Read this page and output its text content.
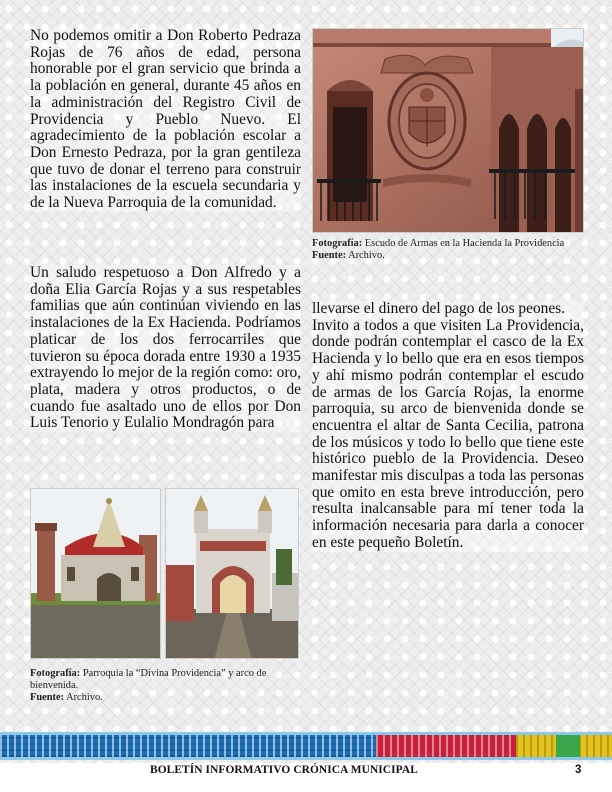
No podemos omitir a Don Roberto Pedraza Rojas de 76 años de edad, persona honorable por el gran servicio que brinda a la población en general, durante 45 años en la administración del Registro Civil de Providencia y Pueblo Nuevo. El agradecimiento de la población escolar a Don Ernesto Pedraza, por la gran gentileza que tuvo de donar el terreno para construir las instalaciones de la escuela secundaria y de la Nueva Parroquia de la comunidad.

Un saludo respetuoso a Don Alfredo y a doña Elia García Rojas y a sus respetables familias que aún continúan viviendo en las instalaciones de la Ex Hacienda. Podríamos platicar de los dos ferrocarriles que tuvieron su época dorada entre 1930 a 1935 extrayendo lo mejor de la región como: oro, plata, madera y otros productos, o de cuando fue asaltado uno de ellos por Don Luis Tenorio y Eulalio Mondragón para

Fotografía: Escudo de Armas en la Hacienda la Providencia
Fuente: Archivo.

llevarse el dinero del pago de los peones.

Invito a todos a que visiten La Providencia, donde podrán contemplar el casco de la Ex Hacienda y lo bello que era en esos tiempos y ahí mismo podrán contemplar el escudo de armas de los García Rojas, la enorme parroquia, su arco de bienvenida donde se encuentra el altar de Santa Cecilia, patrona de los músicos y todo lo bello que tiene este histórico pueblo de la Providencia. Deseo manifestar mis disculpas a toda las personas que omito en esta breve introducción, pero resulta inalcansable para mí tener toda la información necesaria para darla a conocer en este pequeño Boletín.

Fotografía: Parroquia la “Divina Providencia” y arco de bienvenida.
Fuente: Archivo.
BOLETÍN INFORMATIVO CRÓNICA MUNICIPAL	3
